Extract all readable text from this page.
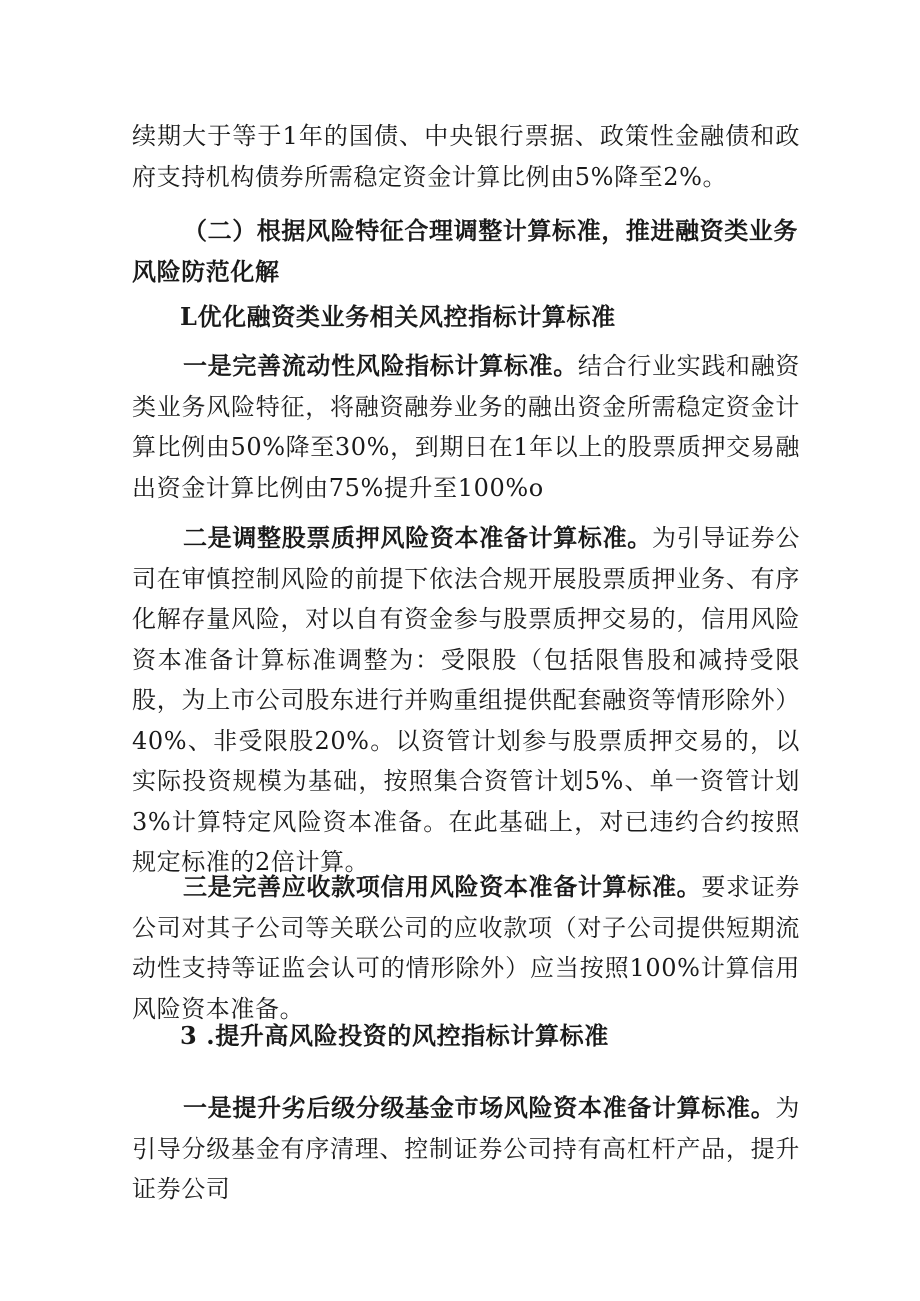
续期大于等于1年的国债、中央银行票据、政策性金融债和政府支持机构债券所需稳定资金计算比例由5%降至2%。

（二）根据风险特征合理调整计算标准，推进融资类业务风险防范化解

L优化融资类业务相关风控指标计算标准

一是完善流动性风险指标计算标准。结合行业实践和融资类业务风险特征，将融资融券业务的融出资金所需稳定资金计算比例由50%降至30%，到期日在1年以上的股票质押交易融出资金计算比例由75%提升至100%o

二是调整股票质押风险资本准备计算标准。为引导证券公司在审慎控制风险的前提下依法合规开展股票质押业务、有序化解存量风险，对以自有资金参与股票质押交易的，信用风险资本准备计算标准调整为：受限股（包括限售股和减持受限股，为上市公司股东进行并购重组提供配套融资等情形除外）40%、非受限股20%。以资管计划参与股票质押交易的，以实际投资规模为基础，按照集合资管计划5%、单一资管计划3%计算特定风险资本准备。在此基础上，对已违约合约按照规定标准的2倍计算。

三是完善应收款项信用风险资本准备计算标准。要求证券公司对其子公司等关联公司的应收款项（对子公司提供短期流动性支持等证监会认可的情形除外）应当按照100%计算信用风险资本准备。

3 .提升高风险投资的风控指标计算标准

一是提升劣后级分级基金市场风险资本准备计算标准。为引导分级基金有序清理、控制证券公司持有高杠杆产品，提升证券公司
